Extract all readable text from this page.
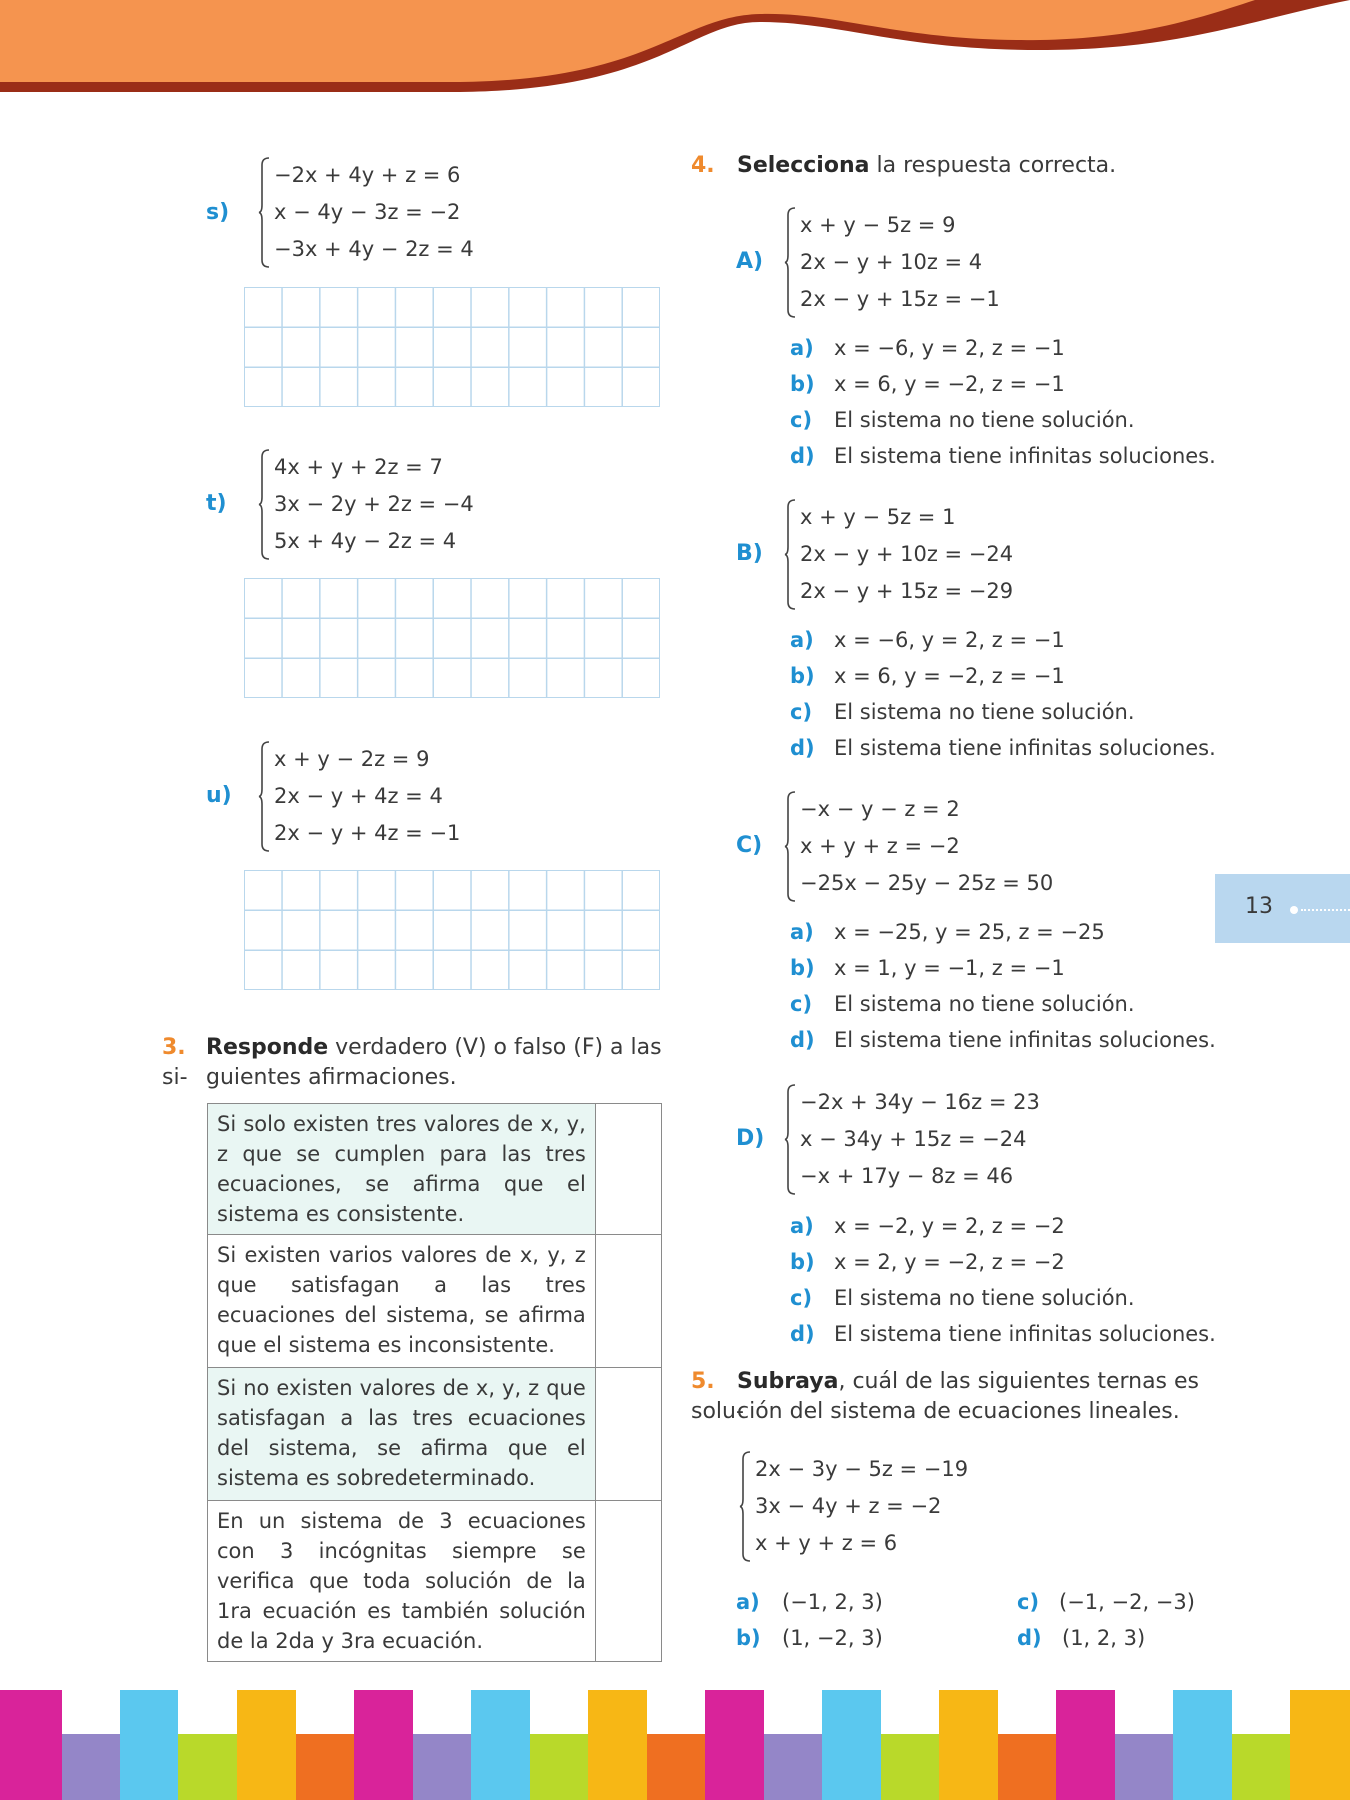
s)
−2x + 4y + z = 6
x − 4y − 3z = −2
−3x + 4y − 2z = 4
t)
4x + y + 2z = 7
3x − 2y + 2z = −4
5x + 4y − 2z = 4
u)
x + y − 2z = 9
2x − y + 4z = 4
2x − y + 4z = −1
3. Responde verdadero (V) o falso (F) a las si- guientes afirmaciones.
Si solo existen tres valores de x, y, z que se cumplen para las tres ecuaciones, se afirma que el sistema es consistente.	
Si existen varios valores de x, y, z que satisfagan a las tres ecuaciones del sistema, se afirma que el sistema es inconsistente.	
Si no existen valores de x, y, z que satisfagan a las tres ecuaciones del sistema, se afirma que el sistema es sobredeterminado.	
En un sistema de 3 ecuaciones con 3 incógnitas siempre se verifica que toda solución de la 1ra ecuación es también solución de la 2da y 3ra ecuación.	
4. Selecciona la respuesta correcta.
A)
x + y − 5z = 9
2x − y + 10z = 4
2x − y + 15z = −1
a) x = −6, y = 2, z = −1
b) x = 6, y = −2, z = −1
c) El sistema no tiene solución.
d) El sistema tiene infinitas soluciones.
B)
x + y − 5z = 1
2x − y + 10z = −24
2x − y + 15z = −29
a) x = −6, y = 2, z = −1
b) x = 6, y = −2, z = −1
c) El sistema no tiene solución.
d) El sistema tiene infinitas soluciones.
C)
−x − y − z = 2
x + y + z = −2
−25x − 25y − 25z = 50
a) x = −25, y = 25, z = −25
b) x = 1, y = −1, z = −1
c) El sistema no tiene solución.
d) El sistema tiene infinitas soluciones.
D)
−2x + 34y − 16z = 23
x − 34y + 15z = −24
−x + 17y − 8z = 46
a) x = −2, y = 2, z = −2
b) x = 2, y = −2, z = −2
c) El sistema no tiene solución.
d) El sistema tiene infinitas soluciones.
5. Subraya, cuál de las siguientes ternas es solu-
ción del sistema de ecuaciones lineales.
2x − 3y − 5z = −19
3x − 4y + z = −2
x + y + z = 6
a) (−1, 2, 3)
b) (1, −2, 3)
c) (−1, −2, −3)
d) (1, 2, 3)
13
